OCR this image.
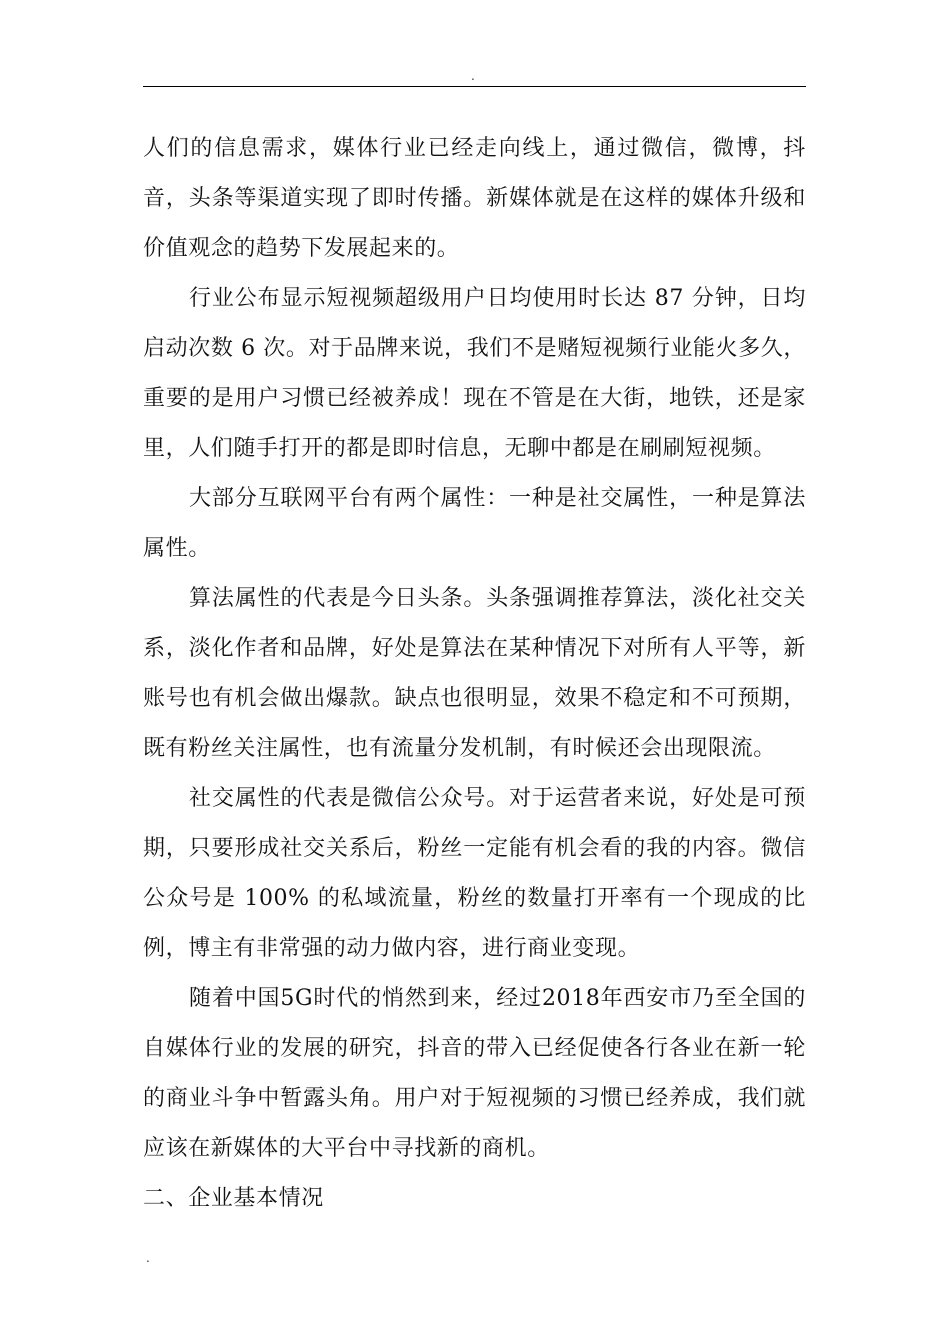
.

人们的信息需求，媒体行业已经走向线上，通过微信，微博，抖音，头条等渠道实现了即时传播。新媒体就是在这样的媒体升级和价值观念的趋势下发展起来的。

行业公布显示短视频超级用户日均使用时长达 87 分钟，日均启动次数 6 次。对于品牌来说，我们不是赌短视频行业能火多久，重要的是用户习惯已经被养成！现在不管是在大街，地铁，还是家里，人们随手打开的都是即时信息，无聊中都是在刷刷短视频。

大部分互联网平台有两个属性：一种是社交属性，一种是算法属性。

算法属性的代表是今日头条。头条强调推荐算法，淡化社交关系，淡化作者和品牌，好处是算法在某种情况下对所有人平等，新账号也有机会做出爆款。缺点也很明显，效果不稳定和不可预期，既有粉丝关注属性，也有流量分发机制，有时候还会出现限流。

社交属性的代表是微信公众号。对于运营者来说，好处是可预期，只要形成社交关系后，粉丝一定能有机会看的我的内容。微信公众号是 100% 的私域流量，粉丝的数量打开率有一个现成的比例，博主有非常强的动力做内容，进行商业变现。

随着中国5G时代的悄然到来，经过2018年西安市乃至全国的自媒体行业的发展的研究，抖音的带入已经促使各行各业在新一轮的商业斗争中暂露头角。用户对于短视频的习惯已经养成，我们就应该在新媒体的大平台中寻找新的商机。

二、企业基本情况

.
